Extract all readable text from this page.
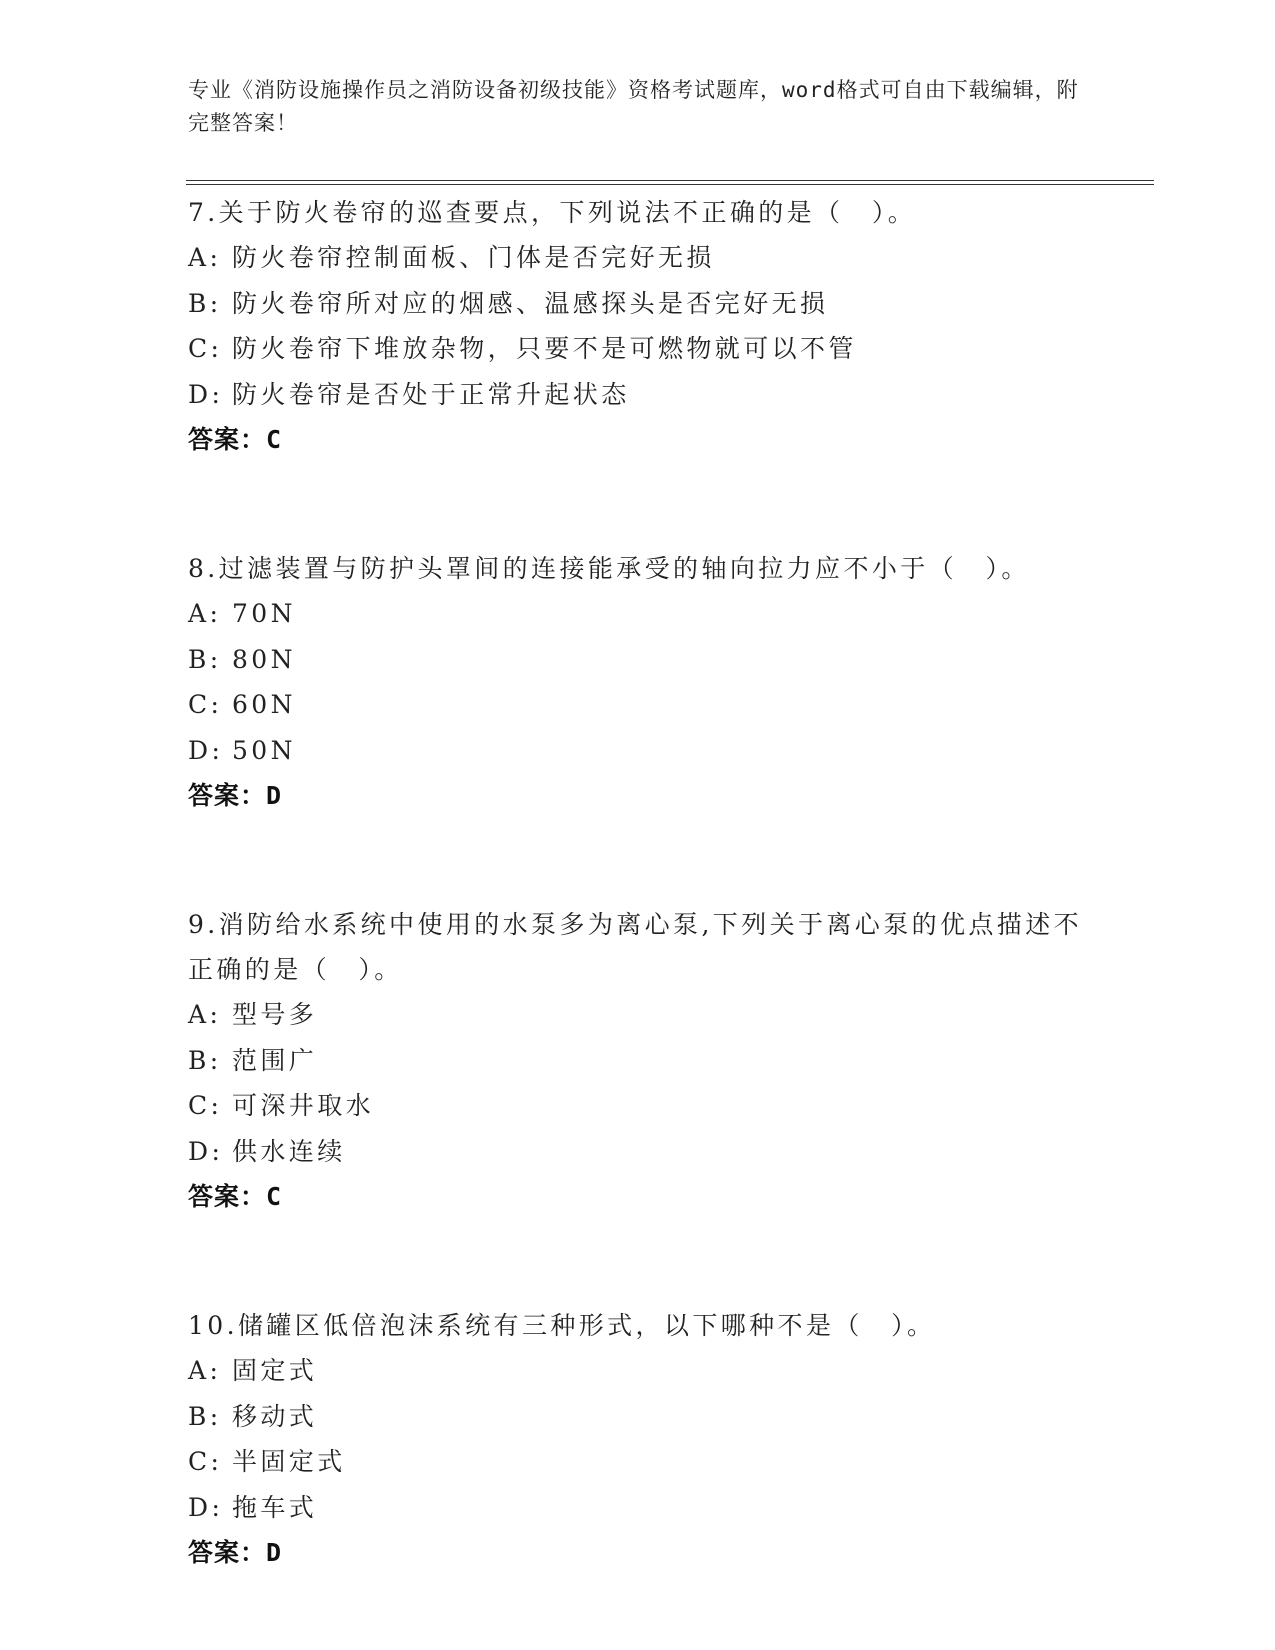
专业《消防设施操作员之消防设备初级技能》资格考试题库，word格式可自由下载编辑，附完整答案！
7.关于防火卷帘的巡查要点，下列说法不正确的是（　）。
A: 防火卷帘控制面板、门体是否完好无损
B: 防火卷帘所对应的烟感、温感探头是否完好无损
C: 防火卷帘下堆放杂物，只要不是可燃物就可以不管
D: 防火卷帘是否处于正常升起状态
答案：C
8.过滤装置与防护头罩间的连接能承受的轴向拉力应不小于（　）。
A: 70N
B: 80N
C: 60N
D: 50N
答案：D
9.消防给水系统中使用的水泵多为离心泵,下列关于离心泵的优点描述不正确的是（　）。
A: 型号多
B: 范围广
C: 可深井取水
D: 供水连续
答案：C
10.储罐区低倍泡沫系统有三种形式，以下哪种不是（　）。
A: 固定式
B: 移动式
C: 半固定式
D: 拖车式
答案：D
